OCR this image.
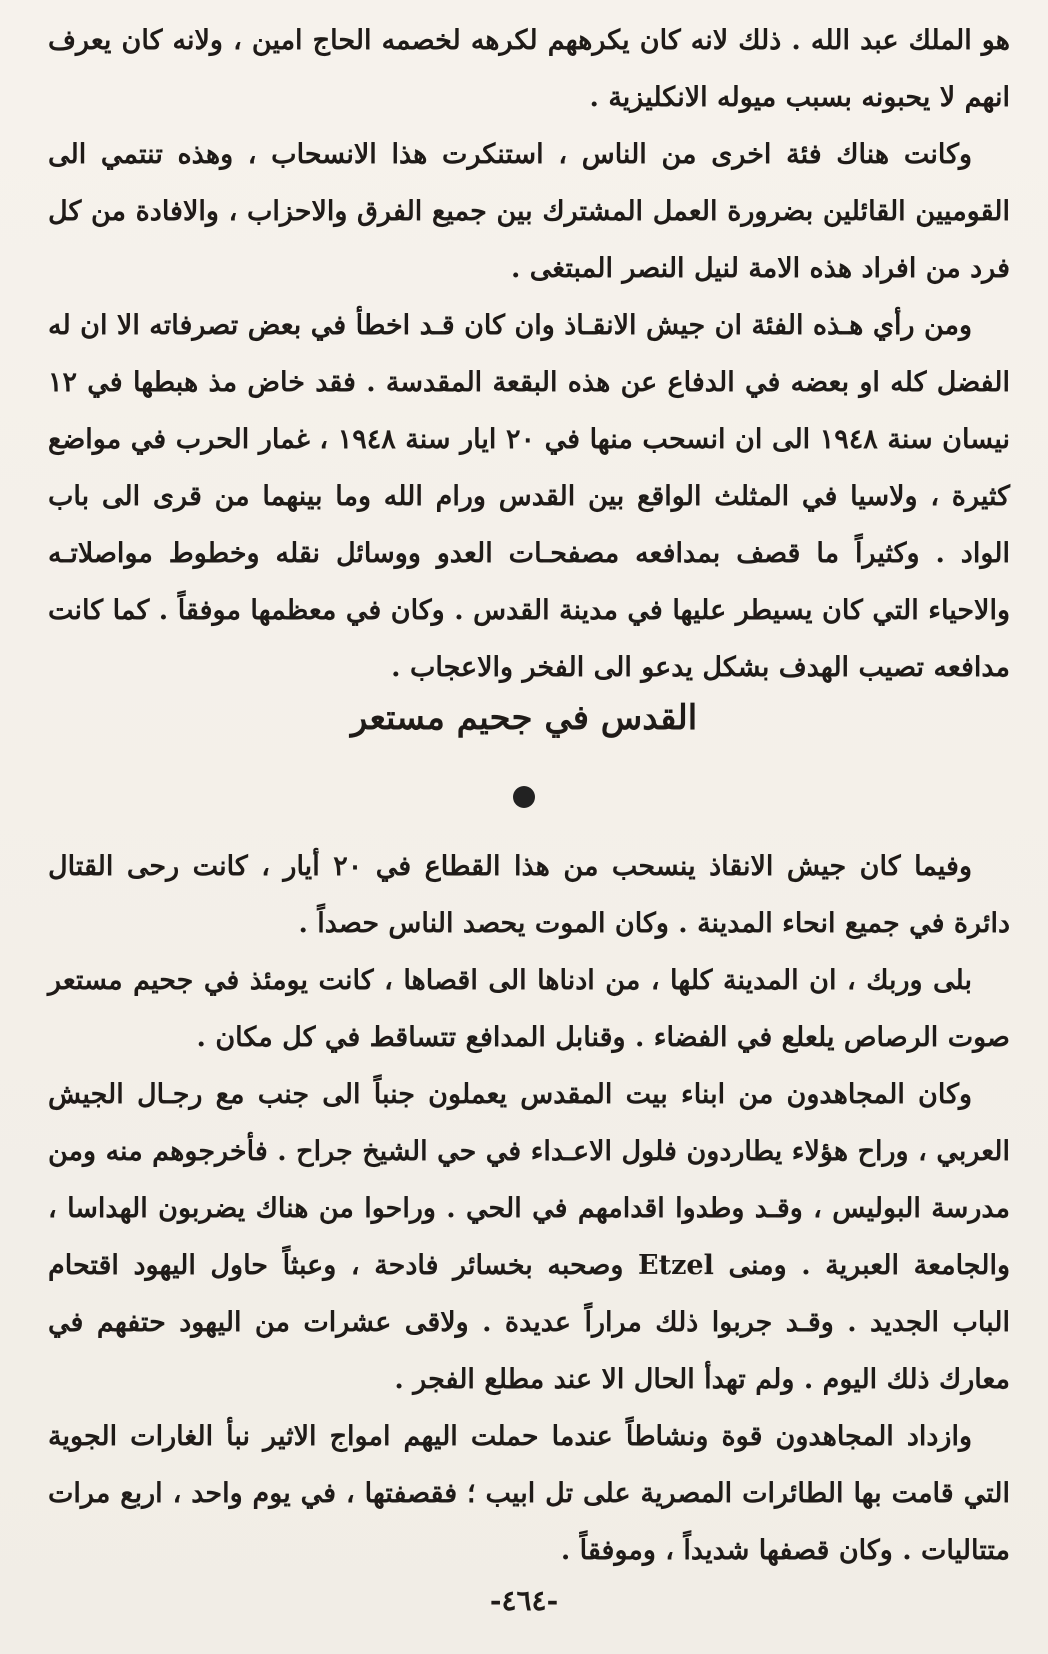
هو الملك عبد الله . ذلك لانه كان يكرههم لكرهه لخصمه الحاج امين ، ولانه كان يعرف انهم لا يحبونه بسبب ميوله الانكليزية .

وكانت هناك فئة اخرى من الناس ، استنكرت هذا الانسحاب ، وهذه تنتمي الى القوميين القائلين بضرورة العمل المشترك بين جميع الفرق والاحزاب ، والافادة من كل فرد من افراد هذه الامة لنيل النصر المبتغى .

ومن رأي هـذه الفئة ان جيش الانقـاذ وان كان قـد اخطأ في بعض تصرفاته الا ان له الفضل كله او بعضه في الدفاع عن هذه البقعة المقدسة . فقد خاض مذ هبطها في ١٢ نيسان سنة ١٩٤٨ الى ان انسحب منها في ٢٠ ايار سنة ١٩٤٨ ، غمار الحرب في مواضع كثيرة ، ولاسيا في المثلث الواقع بين القدس ورام الله وما بينهما من قرى الى باب الواد . وكثيراً ما قصف بمدافعه مصفحـات العدو ووسائل نقله وخطوط مواصلاتـه والاحياء التي كان يسيطر عليها في مدينة القدس . وكان في معظمها موفقاً . كما كانت مدافعه تصيب الهدف بشكل يدعو الى الفخر والاعجاب .

القدس في جحيم مستعر

وفيما كان جيش الانقاذ ينسحب من هذا القطاع في ٢٠ أيار ، كانت رحى القتال دائرة في جميع انحاء المدينة . وكان الموت يحصد الناس حصداً .

بلى وربك ، ان المدينة كلها ، من ادناها الى اقصاها ، كانت يومئذ في جحيم مستعر صوت الرصاص يلعلع في الفضاء . وقنابل المدافع تتساقط في كل مكان .

وكان المجاهدون من ابناء بيت المقدس يعملون جنباً الى جنب مع رجـال الجيش العربي ، وراح هؤلاء يطاردون فلول الاعـداء في حي الشيخ جراح . فأخرجوهم منه ومن مدرسة البوليس ، وقـد وطدوا اقدامهم في الحي . وراحوا من هناك يضربون الهداسا ، والجامعة العبرية . ومنى Etzel وصحبه بخسائر فادحة ، وعبثاً حاول اليهود اقتحام الباب الجديد . وقـد جربوا ذلك مراراً عديدة . ولاقى عشرات من اليهود حتفهم في معارك ذلك اليوم . ولم تهدأ الحال الا عند مطلع الفجر .

وازداد المجاهدون قوة ونشاطاً عندما حملت اليهم امواج الاثير نبأ الغارات الجوية التي قامت بها الطائرات المصرية على تل ابيب ؛ فقصفتها ، في يوم واحد ، اربع مرات متتاليات . وكان قصفها شديداً ، وموفقاً .

-٤٦٤-
